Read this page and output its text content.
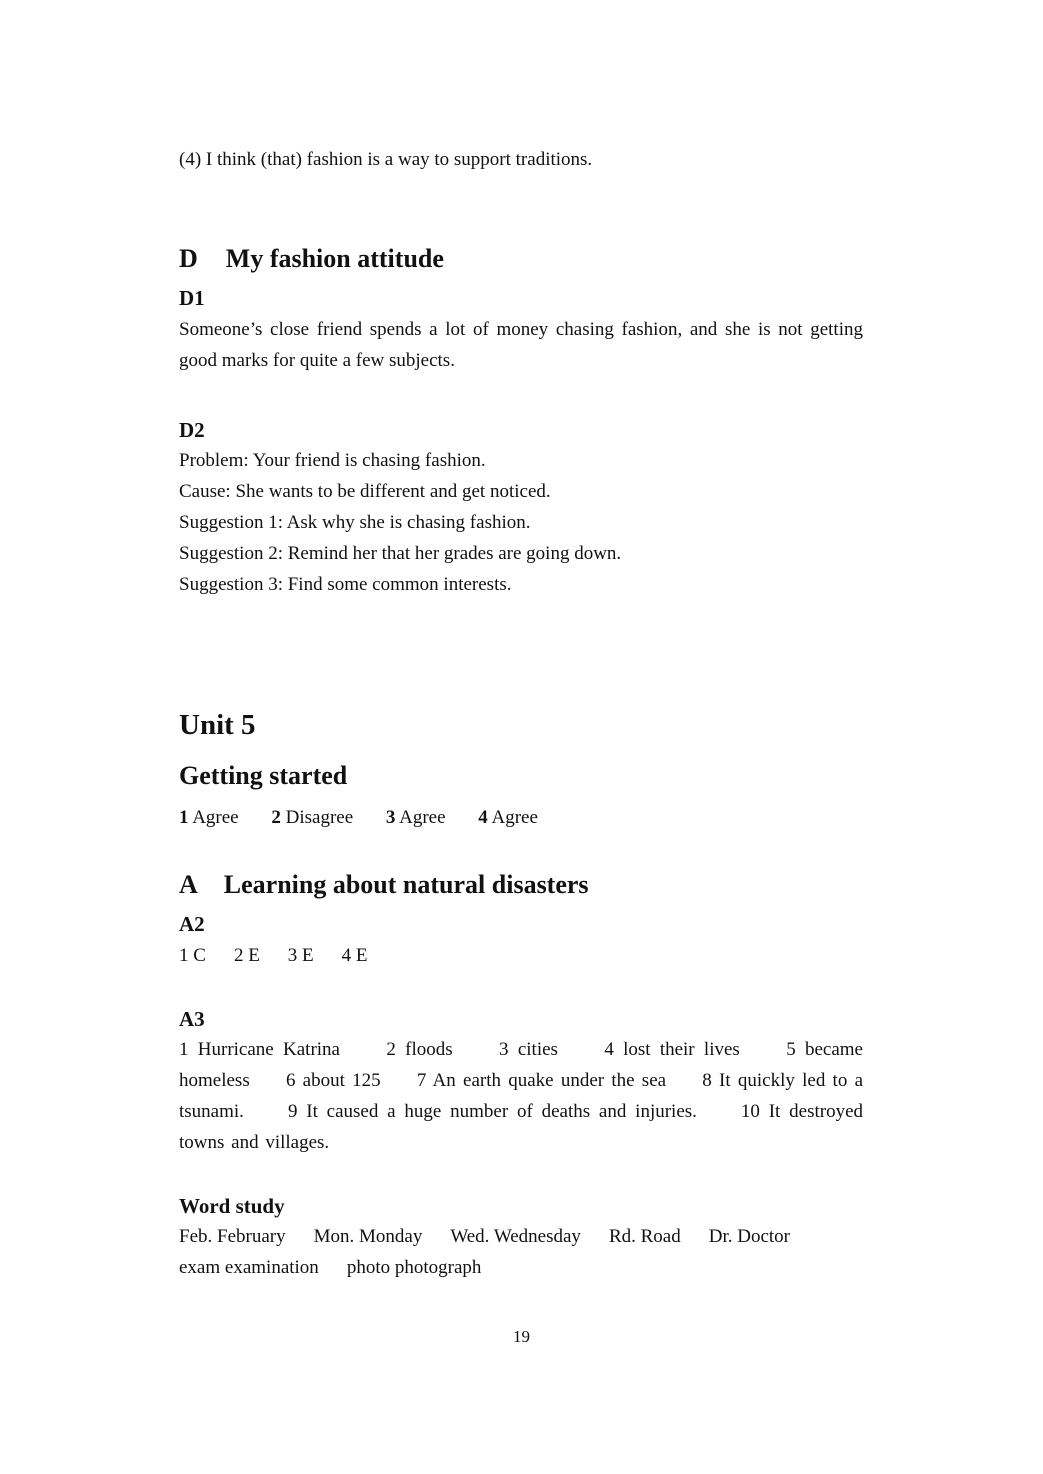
(4) I think (that) fashion is a way to support traditions.
D My fashion attitude
D1
Someone’s close friend spends a lot of money chasing fashion, and she is not getting good marks for quite a few subjects.
D2
Problem: Your friend is chasing fashion.
Cause: She wants to be different and get noticed.
Suggestion 1: Ask why she is chasing fashion.
Suggestion 2: Remind her that her grades are going down.
Suggestion 3: Find some common interests.
Unit 5
Getting started
1 Agree 2 Disagree 3 Agree 4 Agree
A Learning about natural disasters
A2
1 C 2 E 3 E 4 E
A3
1 Hurricane Katrina 2 floods 3 cities 4 lost their lives 5 became homeless 6 about 125 7 An earth quake under the sea 8 It quickly led to a tsunami. 9 It caused a huge number of deaths and injuries. 10 It destroyed towns and villages.
Word study
Feb. February Mon. Monday Wed. Wednesday Rd. Road Dr. Doctor
exam examination photo photograph
19
